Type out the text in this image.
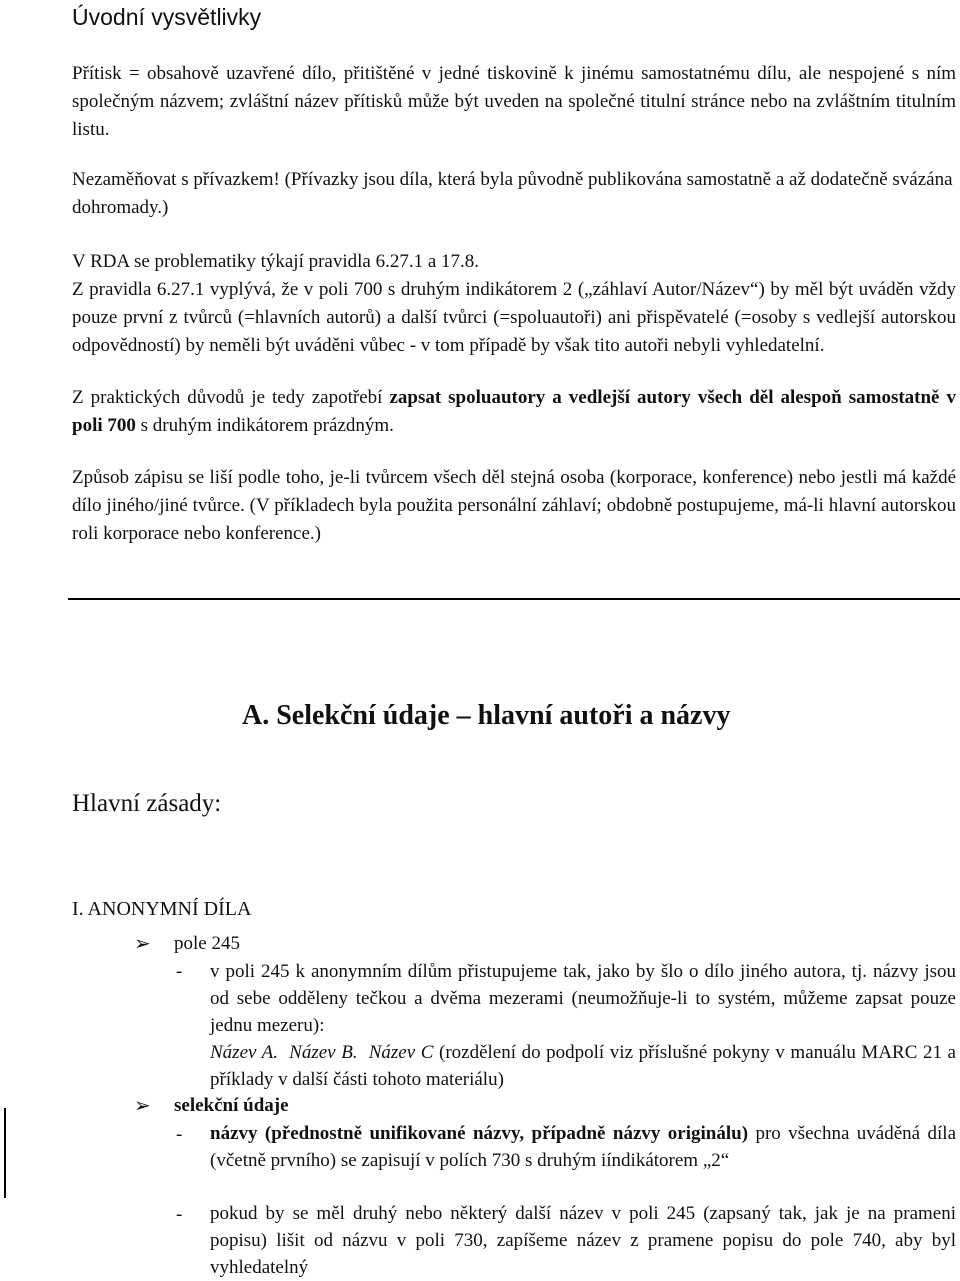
Úvodní vysvětlivky

Přítisk = obsahově uzavřené dílo, přitištěné v jedné tiskovině k jinému samostatnému dílu, ale nespojené s ním společným názvem; zvláštní název přítisků může být uveden na společné titulní stránce nebo na zvláštním titulním listu.

Nezaměňovat s přívazkem! (Přívazky jsou díla, která byla původně publikována samostatně a až dodatečně svázána dohromady.)

V RDA se problematiky týkají pravidla 6.27.1 a 17.8.

Z pravidla 6.27.1 vyplývá, že v poli 700 s druhým indikátorem 2 („záhlaví Autor/Název“) by měl být uváděn vždy pouze první z tvůrců (=hlavních autorů) a další tvůrci (=spoluautoři) ani přispěvatelé (=osoby s vedlejší autorskou odpovědností) by neměli být uváděni vůbec - v tom případě by však tito autoři nebyli vyhledatelní.

Z praktických důvodů je tedy zapotřebí zapsat spoluautory a vedlejší autory všech děl alespoň samostatně v poli 700 s druhým indikátorem prázdným.

Způsob zápisu se liší podle toho, je-li tvůrcem všech děl stejná osoba (korporace, konference) nebo jestli má každé dílo jiného/jiné tvůrce. (V příkladech byla použita personální záhlaví; obdobně postupujeme, má-li hlavní autorskou roli korporace nebo konference.)

A. Selekční údaje – hlavní autoři a názvy
Hlavní zásady:
I. ANONYMNÍ DÍLA
➢	pole 245
- v poli 245 k anonymním dílům přistupujeme tak, jako by šlo o dílo jiného autora, tj. názvy jsou od sebe odděleny tečkou a dvěma mezerami (neumožňuje-li to systém, můžeme zapsat pouze jednu mezeru):
Název A.  Název B.  Název C (rozdělení do podpolí viz příslušné pokyny v manuálu MARC 21 a příklady v další části tohoto materiálu)

➢	selekční údaje
- názvy (přednostně unifikované názvy, případně názvy originálu) pro všechna uváděná díla (včetně prvního) se zapisují v polích 730 s druhým iíndikátorem „2“

- pokud by se měl druhý nebo některý další název v poli 245 (zapsaný tak, jak je na prameni popisu) lišit od názvu v poli 730, zapíšeme název z pramene popisu do pole 740, aby byl vyhledatelný
